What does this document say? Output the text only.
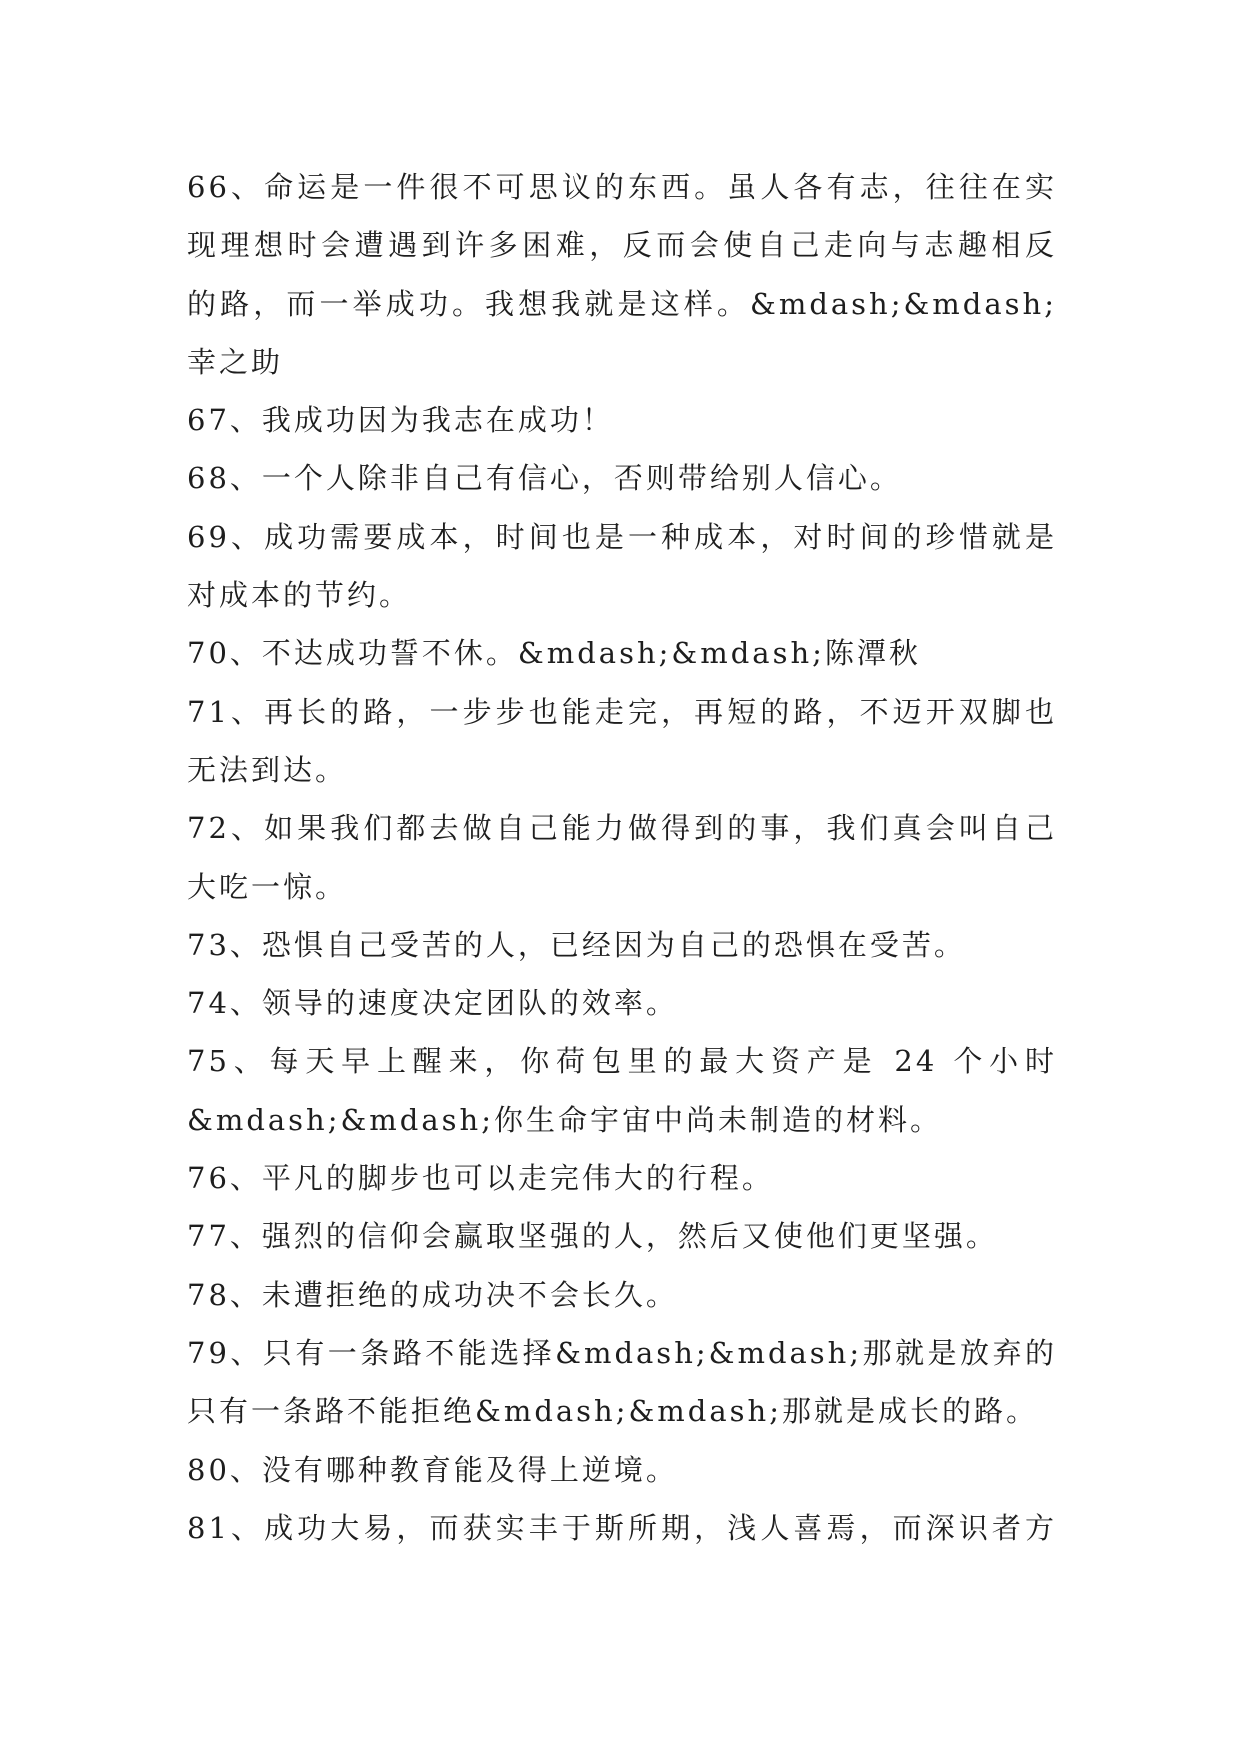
66、命运是一件很不可思议的东西。虽人各有志，往往在实
现理想时会遭遇到许多困难，反而会使自己走向与志趣相反
的路，而一举成功。我想我就是这样。&mdash;&mdash;
幸之助
67、我成功因为我志在成功！
68、一个人除非自己有信心，否则带给别人信心。
69、成功需要成本，时间也是一种成本，对时间的珍惜就是
对成本的节约。
70、不达成功誓不休。&mdash;&mdash;陈潭秋
71、再长的路，一步步也能走完，再短的路，不迈开双脚也
无法到达。
72、如果我们都去做自己能力做得到的事，我们真会叫自己
大吃一惊。
73、恐惧自己受苦的人，已经因为自己的恐惧在受苦。
74、领导的速度决定团队的效率。
75、每天早上醒来，你荷包里的最大资产是 24 个小时
&mdash;&mdash;你生命宇宙中尚未制造的材料。
76、平凡的脚步也可以走完伟大的行程。
77、强烈的信仰会赢取坚强的人，然后又使他们更坚强。
78、未遭拒绝的成功决不会长久。
79、只有一条路不能选择&mdash;&mdash;那就是放弃的
只有一条路不能拒绝&mdash;&mdash;那就是成长的路。
80、没有哪种教育能及得上逆境。
81、成功大易，而获实丰于斯所期，浅人喜焉，而深识者方
